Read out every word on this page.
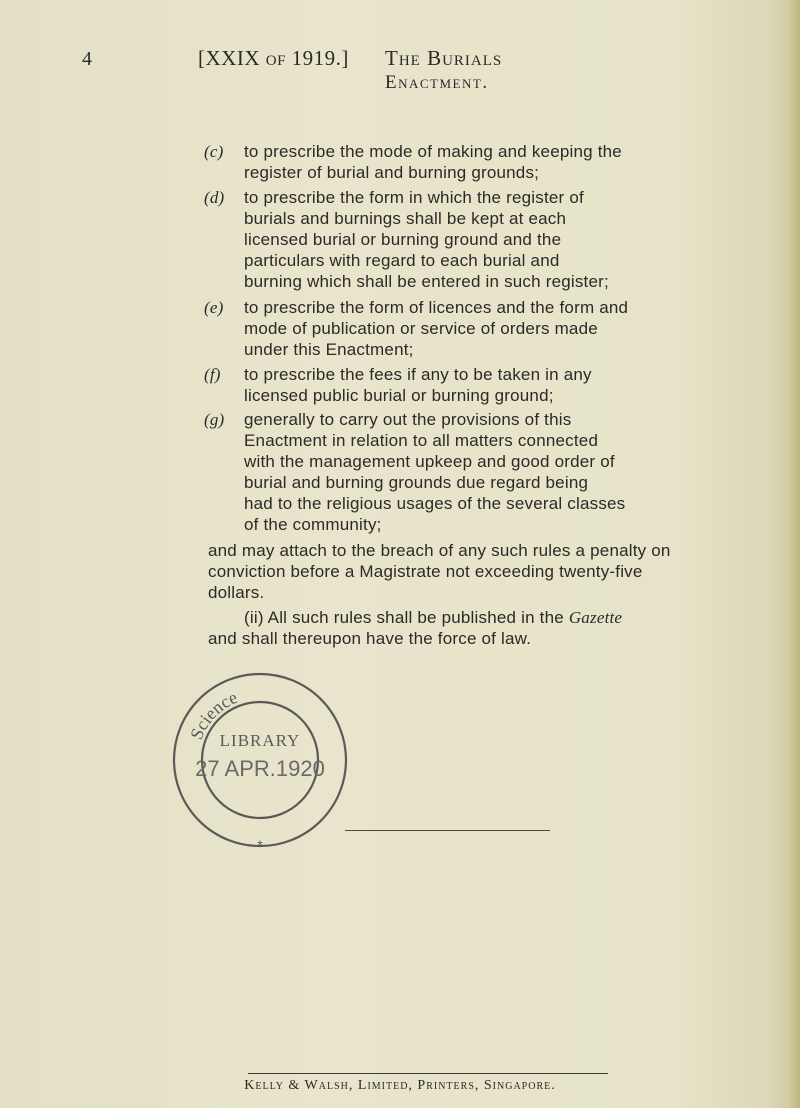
4	[XXIX of 1919.] The Burials
Enactment.
(c)	to prescribe the mode of making and keeping the
register of burial and burning grounds;
(d)	to prescribe the form in which the register of
burials and burnings shall be kept at each
licensed burial or burning ground and the
particulars with regard to each burial and
burning which shall be entered in such register;
(e)	to prescribe the form of licences and the form and
mode of publication or service of orders made
under this Enactment;
(f)	to prescribe the fees if any to be taken in any
licensed public burial or burning ground;
(g)	generally to carry out the provisions of this
Enactment in relation to all matters connected
with the management upkeep and good order of
burial and burning grounds due regard being
had to the religious usages of the several classes
of the community;
and may attach to the breach of any such rules a penalty on
conviction before a Magistrate not exceeding twenty-five
dollars.
(ii) All such rules shall be published in the Gazette
and shall thereupon have the force of law.
Science
LIBRARY
27 APR.1920
*
Kelly & Walsh, Limited, Printers, Singapore.
